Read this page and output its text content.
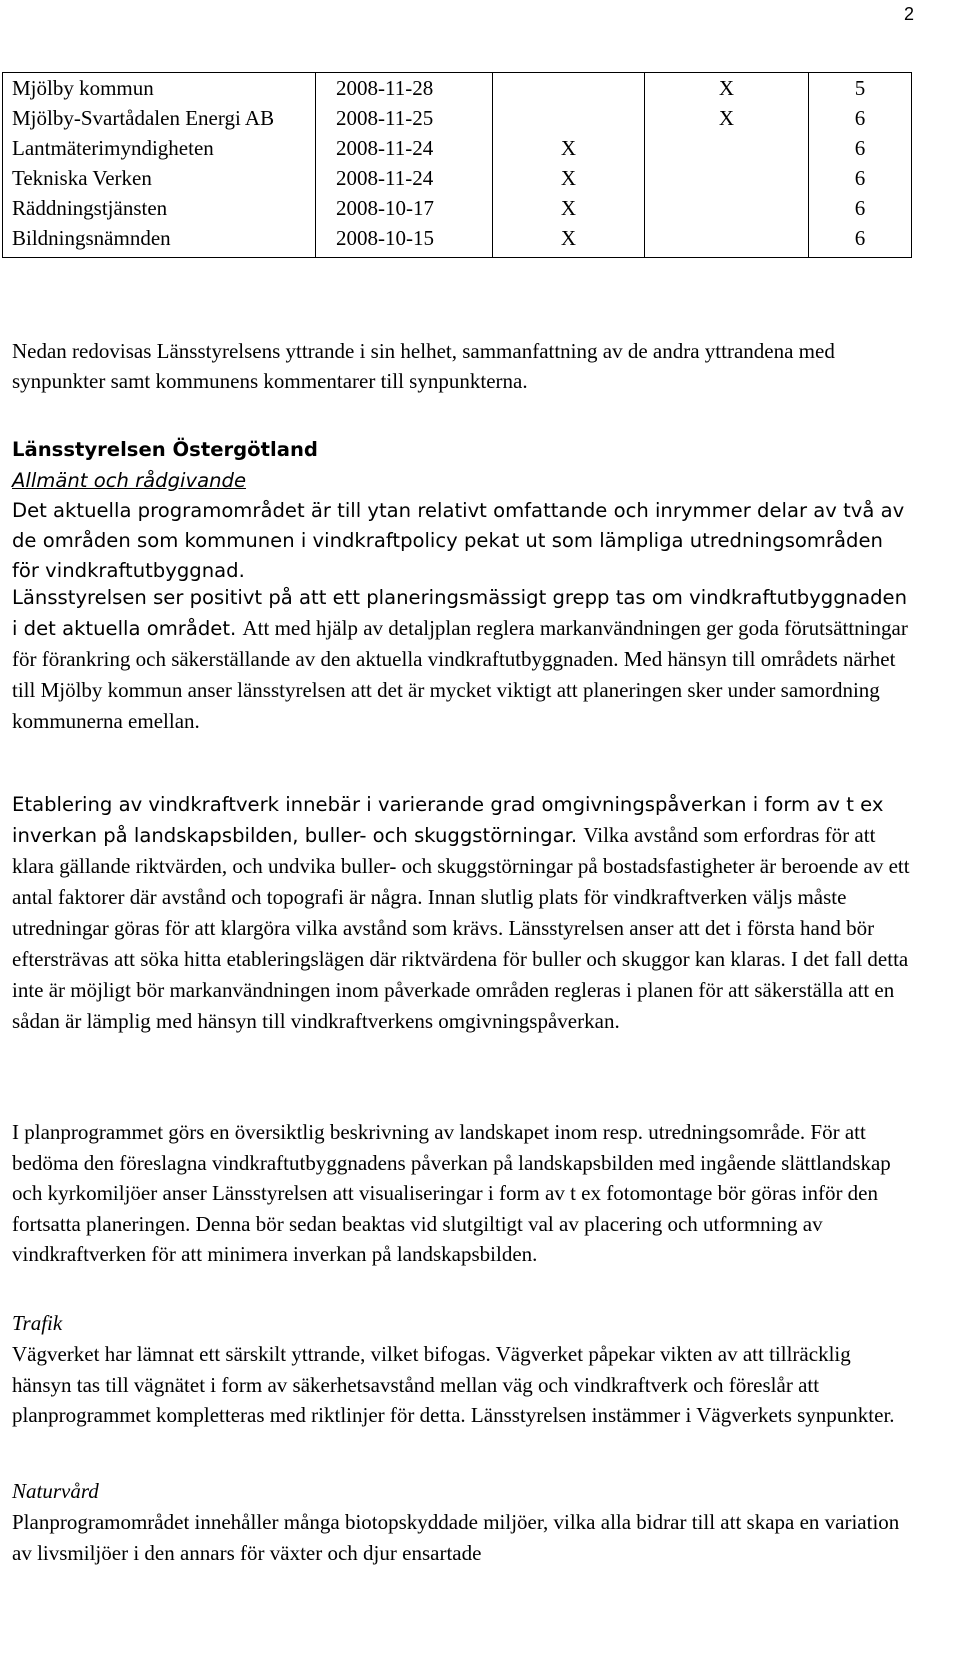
2
Mjölby kommun	2008-11-28		X	5
Mjölby-Svartådalen Energi AB	2008-11-25		X	6
Lantmäterimyndigheten	2008-11-24	X		6
Tekniska Verken	2008-11-24	X		6
Räddningstjänsten	2008-10-17	X		6
Bildningsnämnden	2008-10-15	X		6

Nedan redovisas Länsstyrelsens yttrande i sin helhet, sammanfattning av de andra yttrandena med synpunkter samt kommunens kommentarer till synpunkterna.

Länsstyrelsen Östergötland
Allmänt och rådgivande

Det aktuella programområdet är till ytan relativt omfattande och inrymmer delar av två av de områden som kommunen i vindkraftpolicy pekat ut som lämpliga utredningsområden för vindkraftutbyggnad.

Länsstyrelsen ser positivt på att ett planeringsmässigt grepp tas om vindkraftutbyggnaden i det aktuella området. Att med hjälp av detaljplan reglera markanvändningen ger goda förutsättningar för förankring och säkerställande av den aktuella vindkraftutbyggnaden. Med hänsyn till områdets närhet till Mjölby kommun anser länsstyrelsen att det är mycket viktigt att planeringen sker under samordning kommunerna emellan.

Etablering av vindkraftverk innebär i varierande grad omgivningspåverkan i form av t ex inverkan på landskapsbilden, buller- och skuggstörningar. Vilka avstånd som erfordras för att klara gällande riktvärden, och undvika buller- och skuggstörningar på bostadsfastigheter är beroende av ett antal faktorer där avstånd och topografi är några. Innan slutlig plats för vindkraftverken väljs måste utredningar göras för att klargöra vilka avstånd som krävs. Länsstyrelsen anser att det i första hand bör eftersträvas att söka hitta etableringslägen där riktvärdena för buller och skuggor kan klaras. I det fall detta inte är möjligt bör markanvändningen inom påverkade områden regleras i planen för att säkerställa att en sådan är lämplig med hänsyn till vindkraftverkens omgivningspåverkan.

I planprogrammet görs en översiktlig beskrivning av landskapet inom resp. utredningsområde. För att bedöma den föreslagna vindkraftutbyggnadens påverkan på landskapsbilden med ingående slättlandskap och kyrkomiljöer anser Länsstyrelsen att visualiseringar i form av t ex fotomontage bör göras inför den fortsatta planeringen. Denna bör sedan beaktas vid slutgiltigt val av placering och utformning av vindkraftverken för att minimera inverkan på landskapsbilden.

Trafik

Vägverket har lämnat ett särskilt yttrande, vilket bifogas. Vägverket påpekar vikten av att tillräcklig hänsyn tas till vägnätet i form av säkerhetsavstånd mellan väg och vindkraftverk och föreslår att planprogrammet kompletteras med riktlinjer för detta. Länsstyrelsen instämmer i Vägverkets synpunkter.

Naturvård

Planprogramområdet innehåller många biotopskyddade miljöer, vilka alla bidrar till att skapa en variation av livsmiljöer i den annars för växter och djur ensartade
